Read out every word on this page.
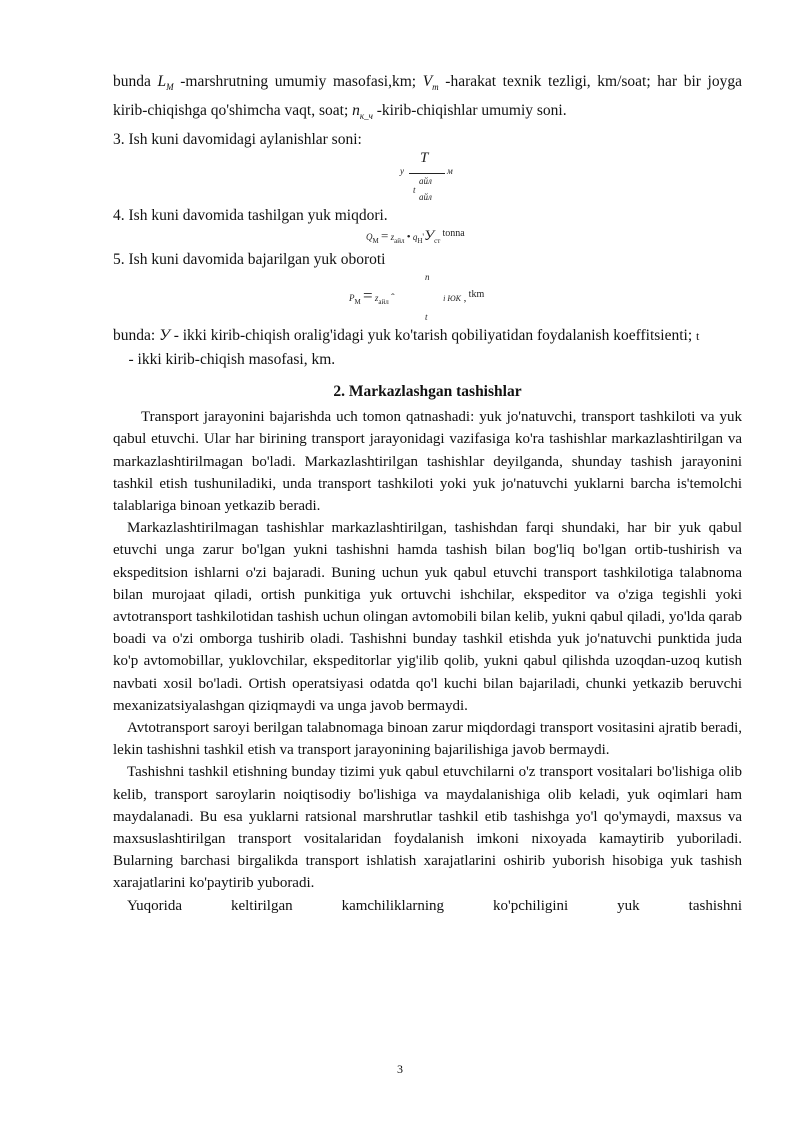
bunda $L_M$ -marshrutning umumiy masofasi,km; $V_m$ -harakat texnik tezligi, km/soat; har bir joyga kirib-chiqishga qo'shimcha vaqt, soat; $n_{к\_ч}$ -kirib-chiqishlar umumiy soni.

3. Ish kuni davomidagi aylanishlar soni:

T
у	м
айл
t
айл

4. Ish kuni davomida tashilgan yuk miqdori.

$Q_M = z_{айл}$ • $q_H'У_{ст}$ tonna

5. Ish kuni davomida bajarilgan yuk oboroti

n
$P_M = z_{айл}$ ˆ	i ЮК , tkm
t

bunda: У - ikki kirib-chiqish oralig'idagi yuk ko'tarish qobiliyatidan foydalanish koeffitsienti; t    - ikki kirib-chiqish masofasi, km.

2. Markazlashgan tashishlar

Transport jarayonini bajarishda uch tomon qatnashadi: yuk jo'natuvchi, transport tashkiloti va yuk qabul etuvchi. Ular har birining transport jarayonidagi vazifasiga ko'ra tashishlar markazlashtirilgan va markazlashtirilmagan bo'ladi. Markazlashtirilgan tashishlar deyilganda, shunday tashish jarayonini tashkil etish tushuniladiki, unda transport tashkiloti yoki yuk jo'natuvchi yuklarni barcha is'temolchi talablariga binoan yetkazib beradi.

Markazlashtirilmagan tashishlar markazlashtirilgan, tashishdan farqi shundaki, har bir yuk qabul etuvchi unga zarur bo'lgan yukni tashishni hamda tashish bilan bog'liq bo'lgan ortib-tushirish va ekspeditsion ishlarni o'zi bajaradi. Buning uchun yuk qabul etuvchi transport tashkilotiga talabnoma bilan murojaat qiladi, ortish punkitiga yuk ortuvchi ishchilar, ekspeditor va o'ziga tegishli yoki avtotransport tashkilotidan tashish uchun olingan avtomobili bilan kelib, yukni qabul qiladi, yo'lda qarab boadi va o'zi omborga tushirib oladi. Tashishni bunday tashkil etishda yuk jo'natuvchi punktida juda ko'p avtomobillar, yuklovchilar, ekspeditorlar yig'ilib qolib, yukni qabul qilishda uzoqdan-uzoq kutish navbati xosil bo'ladi. Ortish operatsiyasi odatda qo'l kuchi bilan bajariladi, chunki yetkazib beruvchi mexanizatsiyalashgan qiziqmaydi va unga javob bermaydi.

Avtotransport saroyi berilgan talabnomaga binoan zarur miqdordagi transport vositasini ajratib beradi, lekin tashishni tashkil etish va transport jarayonining bajarilishiga javob bermaydi.

Tashishni tashkil etishning bunday tizimi yuk qabul etuvchilarni o'z transport vositalari bo'lishiga olib kelib, transport saroylarin noiqtisodiy bo'lishiga va maydalanishiga olib keladi, yuk oqimlari ham maydalanadi. Bu esa yuklarni ratsional marshrutlar tashkil etib tashishga yo'l qo'ymaydi, maxsus va maxsuslashtirilgan transport vositalaridan foydalanish imkoni nixoyada kamaytirib yuboriladi. Bularning barchasi birgalikda transport ishlatish xarajatlarini oshirib yuborish hisobiga yuk tashish xarajatlarini ko'paytirib yuboradi.

Yuqorida keltirilgan kamchiliklarning ko'pchiligini yuk tashishni

3
